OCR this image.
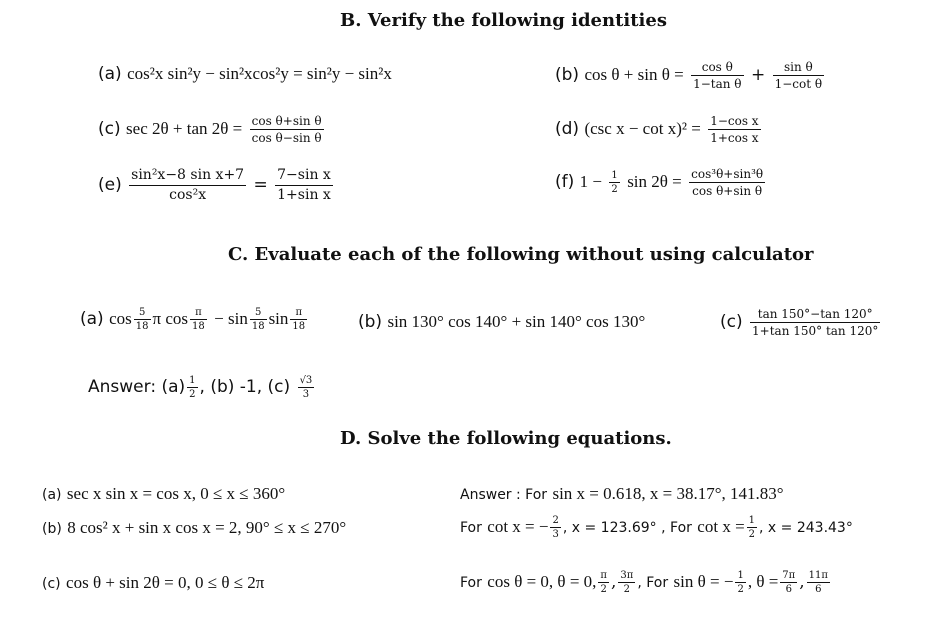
B. Verify the following identities
(a) cos²x sin²y − sin²xcos²y = sin²y − sin²x	(b) $\cos \theta + \sin \theta = \frac{\text{cos θ}}{\text{1−tan θ}} + \frac{\text{sin θ}}{\text{1−cot θ}}$
(c) $\sec 2\theta + \tan 2\theta = \frac{\text{cos θ+sin θ}}{\text{cos θ−sin θ}}$	(d) (csc $x - \cot x)^2 = \frac{\text{1−cos x}}{\text{1+cos x}}$
$(e) \frac{\text{sin²x−8 sin x+7}}{\text{cos²x}} = \frac{\text{7−sin x}}{\text{1+sin x}}$	(f) $1 - \frac{1}{2}$ $\sin 2\theta = \frac{\text{cos³θ+sin³θ}}{\text{cos θ+sin θ}}$
C. Evaluate each of the following without using calculator
(a) $\cos \frac{5}{18}$ π $\cos \frac{\pi}{18} - \sin \frac{5}{18}$ $\sin \frac{\pi}{18}$	(b) sin 130° cos 140° + sin 140° cos 130°	$(c) \frac{\tan 150^\circ-\tan 120^\circ}{1+\tan 150^\circ \tan 120^\circ}$
Answer: $(a) \frac{1}{2}$ , (b) -1, $(c) \frac{√3}{3}$
D. Solve the following equations.
(a) sec x sin x = cos x, 0 ≤ x ≤ 360°
(b) 8 cos² x + sin x cos x = 2, 90° ≤ x ≤ 270°
(c) cos θ + sin 2θ = 0, 0 ≤ θ ≤ 2π
Answer : For sin x = 0.618, x = 38.17°, 141.83°
For cot x = − $\frac{2}{3}$ , x = 123.69° , For $\cot x = \frac{1}{2}$ , x = 243.43°
For cos θ = 0, θ = 0, $\frac{\pi}{2}$ , $\frac{3\pi}{2}$ , For sin θ = − $\frac{1}{2}$ , $\theta = \frac{7\pi}{6}$ , $\frac{11\pi}{6}$
